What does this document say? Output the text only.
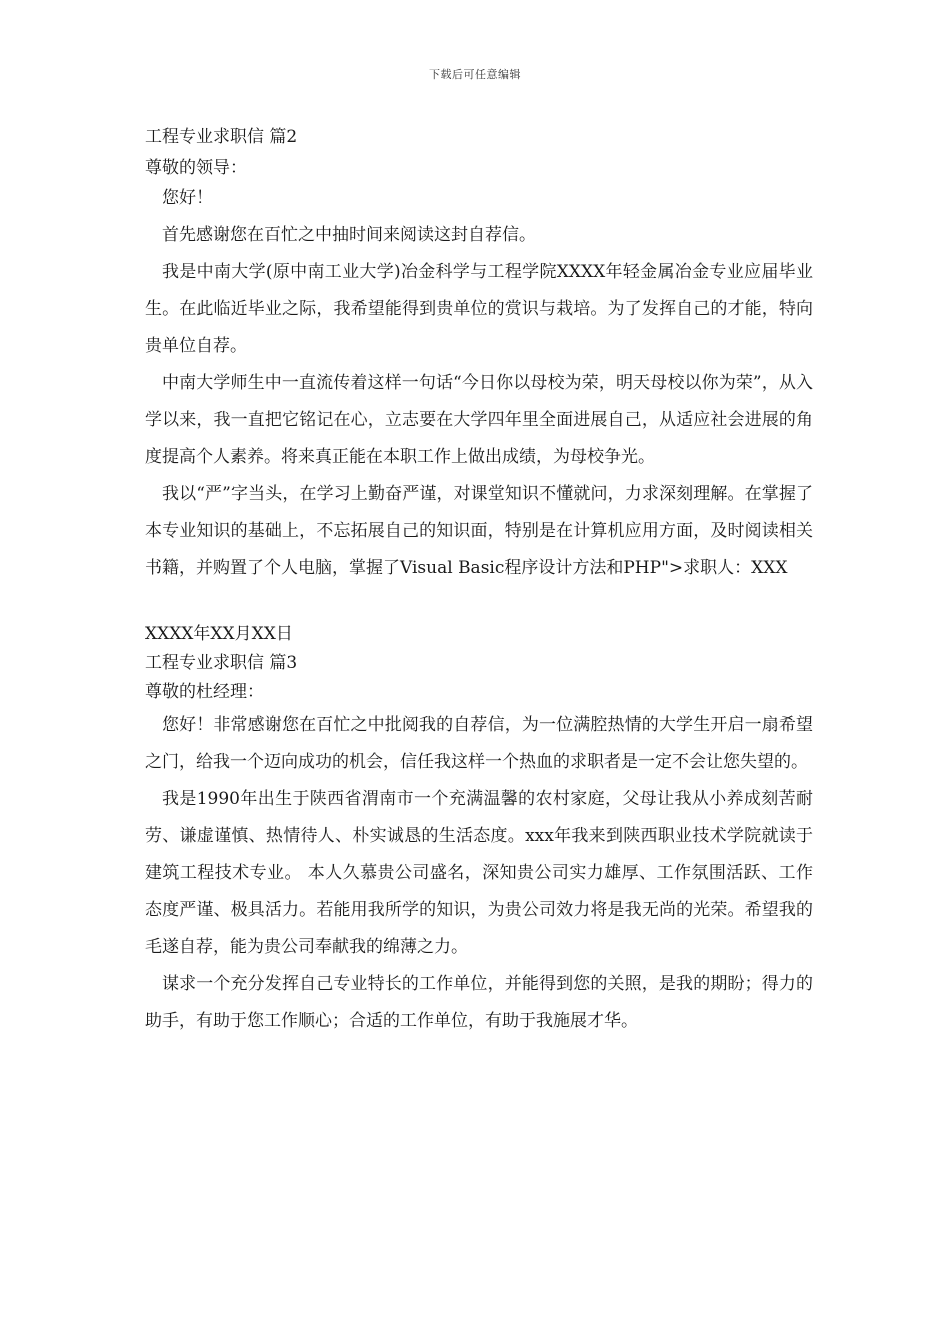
下载后可任意编辑
工程专业求职信 篇2
尊敬的领导：

您好！

首先感谢您在百忙之中抽时间来阅读这封自荐信。

我是中南大学(原中南工业大学)冶金科学与工程学院XXXX年轻金属冶金专业应届毕业生。在此临近毕业之际，我希望能得到贵单位的赏识与栽培。为了发挥自己的才能，特向贵单位自荐。

中南大学师生中一直流传着这样一句话“今日你以母校为荣，明天母校以你为荣”，从入学以来，我一直把它铭记在心，立志要在大学四年里全面进展自己，从适应社会进展的角度提高个人素养。将来真正能在本职工作上做出成绩，为母校争光。

我以“严”字当头，在学习上勤奋严谨，对课堂知识不懂就问，力求深刻理解。在掌握了本专业知识的基础上，不忘拓展自己的知识面，特别是在计算机应用方面，及时阅读相关书籍，并购置了个人电脑，掌握了Visual Basic程序设计方法和PHP">求职人：XXX

XXXX年XX月XX日
工程专业求职信 篇3
尊敬的杜经理：

您好！非常感谢您在百忙之中批阅我的自荐信，为一位满腔热情的大学生开启一扇希望之门，给我一个迈向成功的机会，信任我这样一个热血的求职者是一定不会让您失望的。

我是1990年出生于陕西省渭南市一个充满温馨的农村家庭，父母让我从小养成刻苦耐劳、谦虚谨慎、热情待人、朴实诚恳的生活态度。xxx年我来到陕西职业技术学院就读于建筑工程技术专业。 本人久慕贵公司盛名，深知贵公司实力雄厚、工作氛围活跃、工作态度严谨、极具活力。若能用我所学的知识，为贵公司效力将是我无尚的光荣。希望我的毛遂自荐，能为贵公司奉献我的绵薄之力。

谋求一个充分发挥自己专业特长的工作单位，并能得到您的关照，是我的期盼；得力的助手，有助于您工作顺心；合适的工作单位，有助于我施展才华。
